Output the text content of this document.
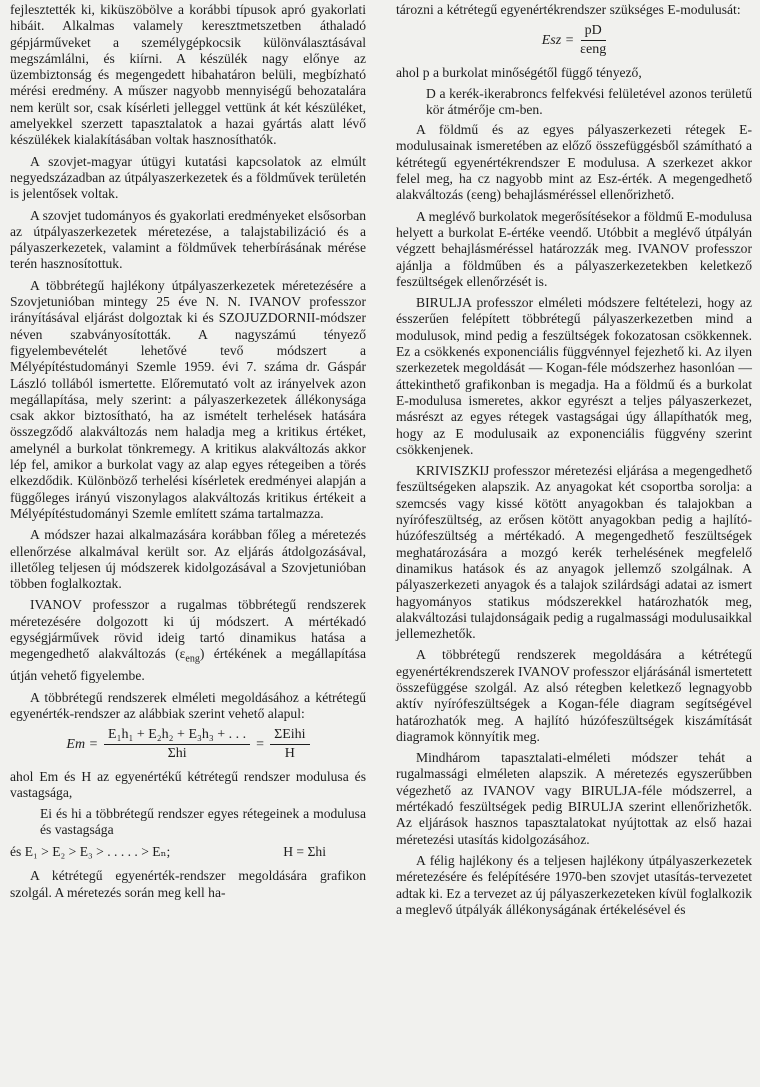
fejlesztették ki, kiküszöbölve a korábbi típusok apró gyakorlati hibáit. Alkalmas valamely keresztmetszetben áthaladó gépjárműveket a személygépkocsik különválasztásával megszámlálni, és kiírni. A készülék nagy előnye az üzembiztonság és megengedett hibahatáron belüli, megbízható mérési eredmény. A műszer nagyobb mennyiségű behozatalára nem került sor, csak kísérleti jelleggel vettünk át két készüléket, amelyekkel szerzett tapasztalatok a hazai gyártás alatt lévő készülékek kialakításában voltak hasznosíthatók.

A szovjet-magyar útügyi kutatási kapcsolatok az elmúlt negyedszázadban az útpályaszerkezetek és a földművek területén is jelentősek voltak.

A szovjet tudományos és gyakorlati eredményeket elsősorban az útpályaszerkezetek méretezése, a talajstabilizáció és a pályaszerkezetek, valamint a földművek teherbírásának mérése terén hasznosítottuk.

A többrétegű hajlékony útpályaszerkezetek méretezésére a Szovjetunióban mintegy 25 éve N. N. IVANOV professzor irányításával eljárást dolgoztak ki és SZOJUZDORNII-módszer néven szabványosították. A nagyszámú tényező figyelembevételét lehetővé tevő módszert a Mélyépítéstudományi Szemle 1959. évi 7. száma dr. Gáspár László tollából ismertette. Előremutató volt az irányelvek azon megállapítása, mely szerint: a pályaszerkezetek állékonysága csak akkor biztosítható, ha az ismételt terhelések hatására összegződő alakváltozás nem haladja meg a kritikus értéket, amelynél a burkolat tönkremegy. A kritikus alakváltozás akkor lép fel, amikor a burkolat vagy az alap egyes rétegeiben a törés elkezdődik. Különböző terhelési kísérletek eredményei alapján a függőleges irányú viszonylagos alakváltozás kritikus értékeit a Mélyépítéstudományi Szemle említett száma tartalmazza.

A módszer hazai alkalmazására korábban főleg a méretezés ellenőrzése alkalmával került sor. Az eljárás átdolgozásával, illetőleg teljesen új módszerek kidolgozásával a Szovjetunióban többen foglalkoztak.

IVANOV professzor a rugalmas többrétegű rendszerek méretezésére dolgozott ki új módszert. A mértékadó egységjárművek rövid ideig tartó dinamikus hatása a megengedhető alakváltozás $(\varepsilon_{eng})$ értékének a megállapítása útján vehető figyelembe.

A többrétegű rendszerek elméleti megoldásához a kétrétegű egyenérték-rendszer az alábbiak szerint vehető alapul:

$Em = \frac{\text{E₁h₁ + E₂h₂ + E₃h₃ + . . .}}{\text{Σhi}} = \frac{\text{ΣEihi}}{H}$

ahol Em és H az egyenértékű kétrétegű rendszer modulusa és vastagsága,

Ei és hi a többrétegű rendszer egyes rétegeinek a modulusa és vastagsága

és E₁ > E₂ > E₃ > . . . . . > Eₙ;	H = Σhi

A kétrétegű egyenérték-rendszer megoldására grafikon szolgál. A méretezés során meg kell ha-

tározni a kétrétegű egyenértékrendszer szükséges E-modulusát:

Esz = $\frac{pD}{\text{εeng}}$

ahol p a burkolat minőségétől függő tényező,

D a kerék-ikerabroncs felfekvési felületével azonos területű kör átmérője cm-ben.

A földmű és az egyes pályaszerkezeti rétegek E-modulusainak ismeretében az előző összefüggésből számítható a kétrétegű egyenértékrendszer E modulusa. A szerkezet akkor felel meg, ha cz nagyobb mint az Esz-érték. A megengedhető alakváltozás (εeng) behajlásméréssel ellenőrizhető.

A meglévő burkolatok megerősítésekor a földmű E-modulusa helyett a burkolat E-értéke veendő. Utóbbit a meglévő útpályán végzett behajlásméréssel határozzák meg. IVANOV professzor ajánlja a földműben és a pályaszerkezetekben keletkező feszültségek ellenőrzését is.

BIRULJA professzor elméleti módszere feltételezi, hogy az ésszerűen felépített többrétegű pályaszerkezetben mind a modulusok, mind pedig a feszültségek fokozatosan csökkennek. Ez a csökkenés exponenciális függvénnyel fejezhető ki. Az ilyen szerkezetek megoldását — Kogan-féle módszerhez hasonlóan — áttekinthető grafikonban is megadja. Ha a földmű és a burkolat E-modulusa ismeretes, akkor egyrészt a teljes pályaszerkezet, másrészt az egyes rétegek vastagságai úgy állapíthatók meg, hogy az E modulusaik az exponenciális függvény szerint csökkenjenek.

KRIVISZKIJ professzor méretezési eljárása a megengedhető feszültségeken alapszik. Az anyagokat két csoportba sorolja: a szemcsés vagy kissé kötött anyagokban és talajokban a nyírófeszültség, az erősen kötött anyagokban pedig a hajlító-húzófeszültség a mértékadó. A megengedhető feszültségek meghatározására a mozgó kerék terhelésének megfelelő dinamikus hatások és az anyagok jellemző szolgálnak. A pályaszerkezeti anyagok és a talajok szilárdsági adatai az ismert hagyományos statikus módszerekkel határozhatók meg, alakváltozási tulajdonságaik pedig a rugalmassági modulusaikkal jellemezhetők.

A többrétegű rendszerek megoldására a kétrétegű egyenértékrendszerek IVANOV professzor eljárásánál ismertetett összefüggése szolgál. Az alsó rétegben keletkező legnagyobb aktív nyírófeszültségek a Kogan-féle diagram segítségével határozhatók meg. A hajlító húzófeszültségek kiszámítását diagramok könnyítik meg.

Mindhárom tapasztalati-elméleti módszer tehát a rugalmassági elméleten alapszik. A méretezés egyszerűbben végezhető az IVANOV vagy BIRULJA-féle módszerrel, a mértékadó feszültségek pedig BIRULJA szerint ellenőrizhetők. Az eljárások hasznos tapasztalatokat nyújtottak az első hazai méretezési utasítás kidolgozásához.

A félig hajlékony és a teljesen hajlékony útpályaszerkezetek méretezésére és felépítésére 1970-ben szovjet utasítás-tervezetet adtak ki. Ez a tervezet az új pályaszerkezeteken kívül foglalkozik a meglevő útpályák állékonyságának értékelésével és
